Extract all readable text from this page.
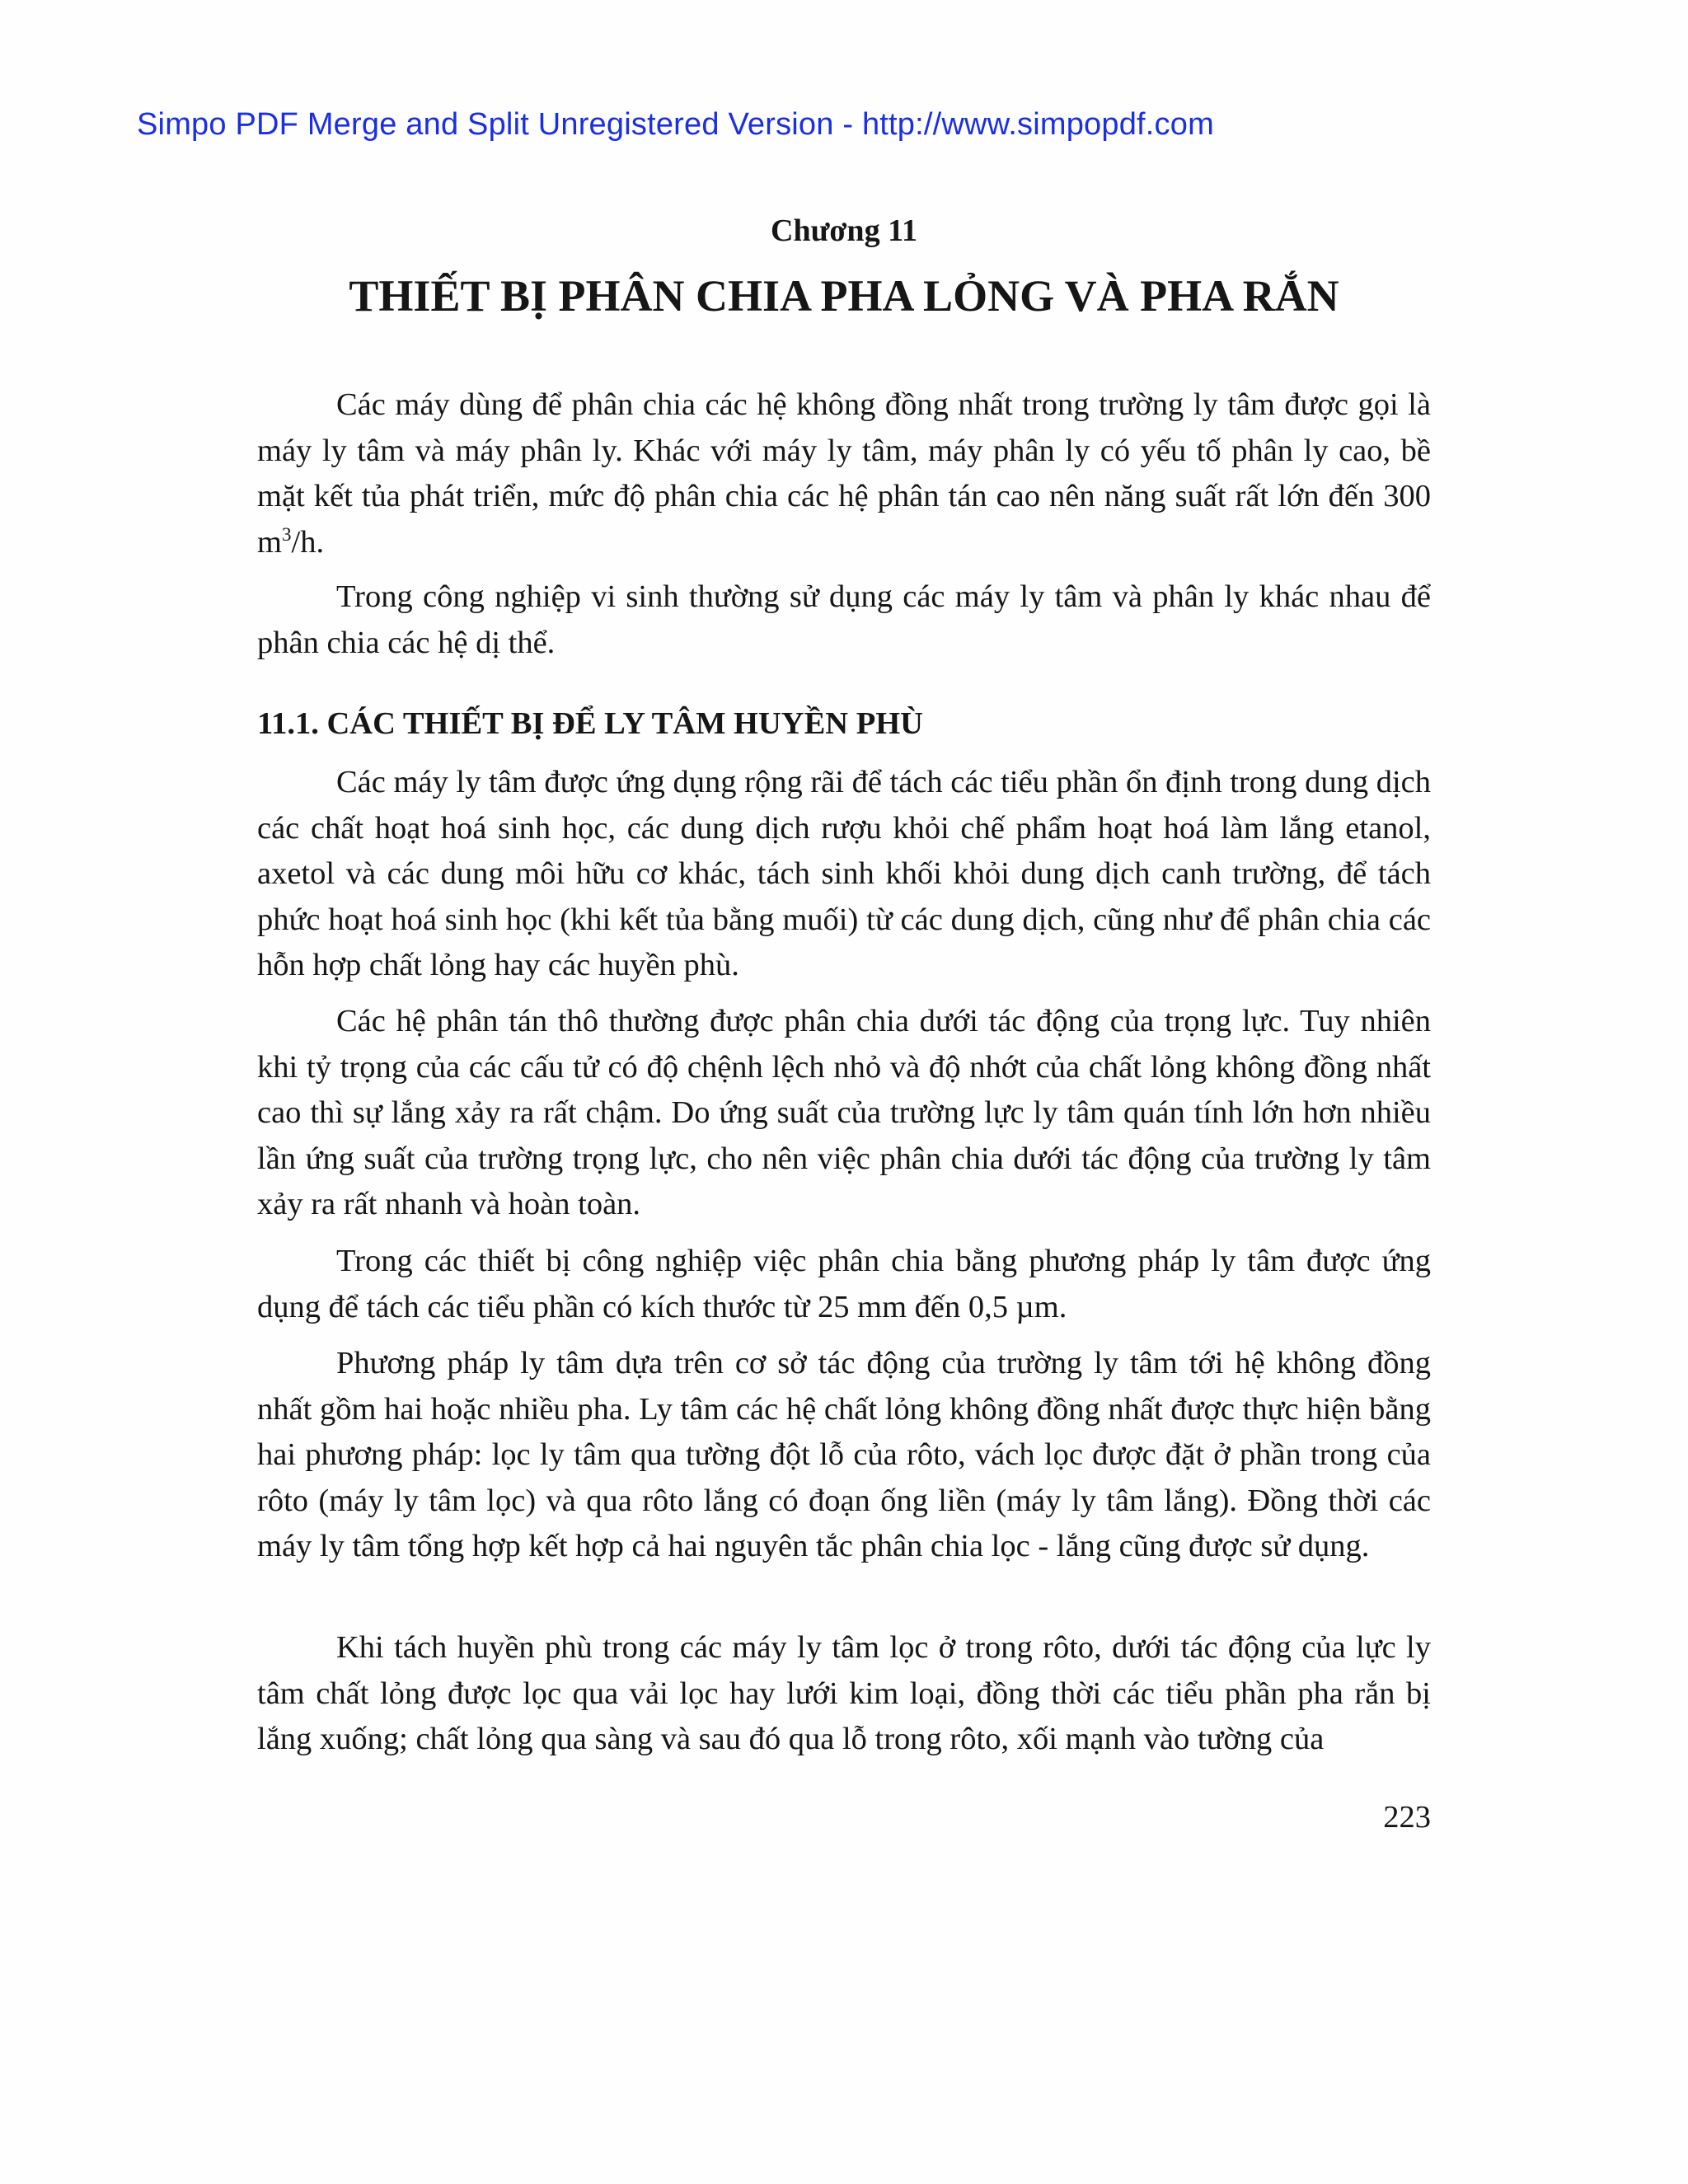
Simpo PDF Merge and Split Unregistered Version - http://www.simpopdf.com
Chương 11
THIẾT BỊ PHÂN CHIA PHA LỎNG VÀ PHA RẮN

Các máy dùng để phân chia các hệ không đồng nhất trong trường ly tâm được gọi là máy ly tâm và máy phân ly. Khác với máy ly tâm, máy phân ly có yếu tố phân ly cao, bề mặt kết tủa phát triển, mức độ phân chia các hệ phân tán cao nên năng suất rất lớn đến 300 $m^3/h$.

Trong công nghiệp vi sinh thường sử dụng các máy ly tâm và phân ly khác nhau để phân chia các hệ dị thể.

11.1. CÁC THIẾT BỊ ĐỂ LY TÂM HUYỀN PHÙ

Các máy ly tâm được ứng dụng rộng rãi để tách các tiểu phần ổn định trong dung dịch các chất hoạt hoá sinh học, các dung dịch rượu khỏi chế phẩm hoạt hoá làm lắng etanol, axetol và các dung môi hữu cơ khác, tách sinh khối khỏi dung dịch canh trường, để tách phức hoạt hoá sinh học (khi kết tủa bằng muối) từ các dung dịch, cũng như để phân chia các hỗn hợp chất lỏng hay các huyền phù.

Các hệ phân tán thô thường được phân chia dưới tác động của trọng lực. Tuy nhiên khi tỷ trọng của các cấu tử có độ chệnh lệch nhỏ và độ nhớt của chất lỏng không đồng nhất cao thì sự lắng xảy ra rất chậm. Do ứng suất của trường lực ly tâm quán tính lớn hơn nhiều lần ứng suất của trường trọng lực, cho nên việc phân chia dưới tác động của trường ly tâm xảy ra rất nhanh và hoàn toàn.

Trong các thiết bị công nghiệp việc phân chia bằng phương pháp ly tâm được ứng dụng để tách các tiểu phần có kích thước từ 25 mm đến 0,5 µm.

Phương pháp ly tâm dựa trên cơ sở tác động của trường ly tâm tới hệ không đồng nhất gồm hai hoặc nhiều pha. Ly tâm các hệ chất lỏng không đồng nhất được thực hiện bằng hai phương pháp: lọc ly tâm qua tường đột lỗ của rôto, vách lọc được đặt ở phần trong của rôto (máy ly tâm lọc) và qua rôto lắng có đoạn ống liền (máy ly tâm lắng). Đồng thời các máy ly tâm tổng hợp kết hợp cả hai nguyên tắc phân chia lọc - lắng cũng được sử dụng.

Khi tách huyền phù trong các máy ly tâm lọc ở trong rôto, dưới tác động của lực ly tâm chất lỏng được lọc qua vải lọc hay lưới kim loại, đồng thời các tiểu phần pha rắn bị lắng xuống; chất lỏng qua sàng và sau đó qua lỗ trong rôto, xối mạnh vào tường của

223
